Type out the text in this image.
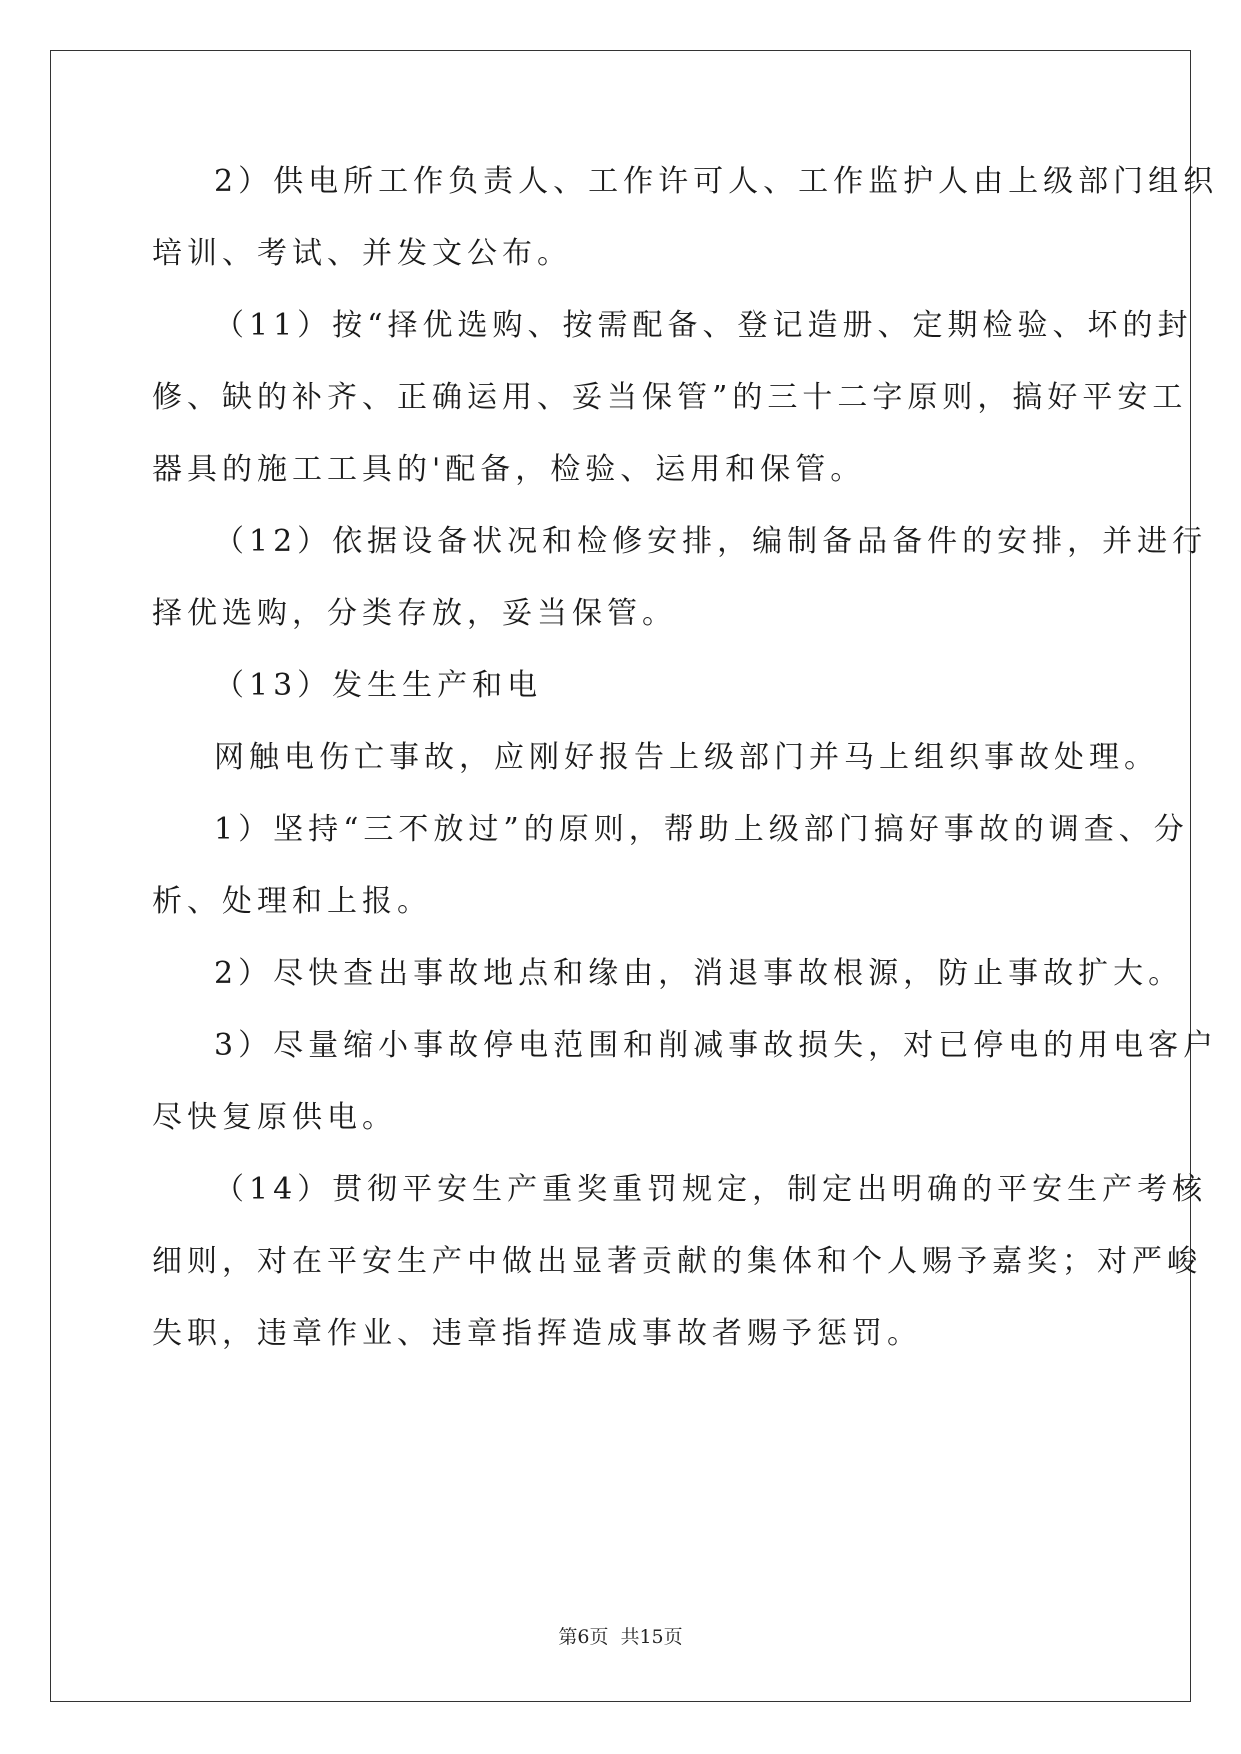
2）供电所工作负责人、工作许可人、工作监护人由上级部门组织
培训、考试、并发文公布。
（11）按“择优选购、按需配备、登记造册、定期检验、坏的封
修、缺的补齐、正确运用、妥当保管”的三十二字原则，搞好平安工
器具的施工工具的'配备，检验、运用和保管。
（12）依据设备状况和检修安排，编制备品备件的安排，并进行
择优选购，分类存放，妥当保管。
（13）发生生产和电
网触电伤亡事故，应刚好报告上级部门并马上组织事故处理。
1）坚持“三不放过”的原则，帮助上级部门搞好事故的调查、分
析、处理和上报。
2）尽快查出事故地点和缘由，消退事故根源，防止事故扩大。
3）尽量缩小事故停电范围和削减事故损失，对已停电的用电客户
尽快复原供电。
（14）贯彻平安生产重奖重罚规定，制定出明确的平安生产考核
细则，对在平安生产中做出显著贡献的集体和个人赐予嘉奖；对严峻
失职，违章作业、违章指挥造成事故者赐予惩罚。
第6页 共15页
